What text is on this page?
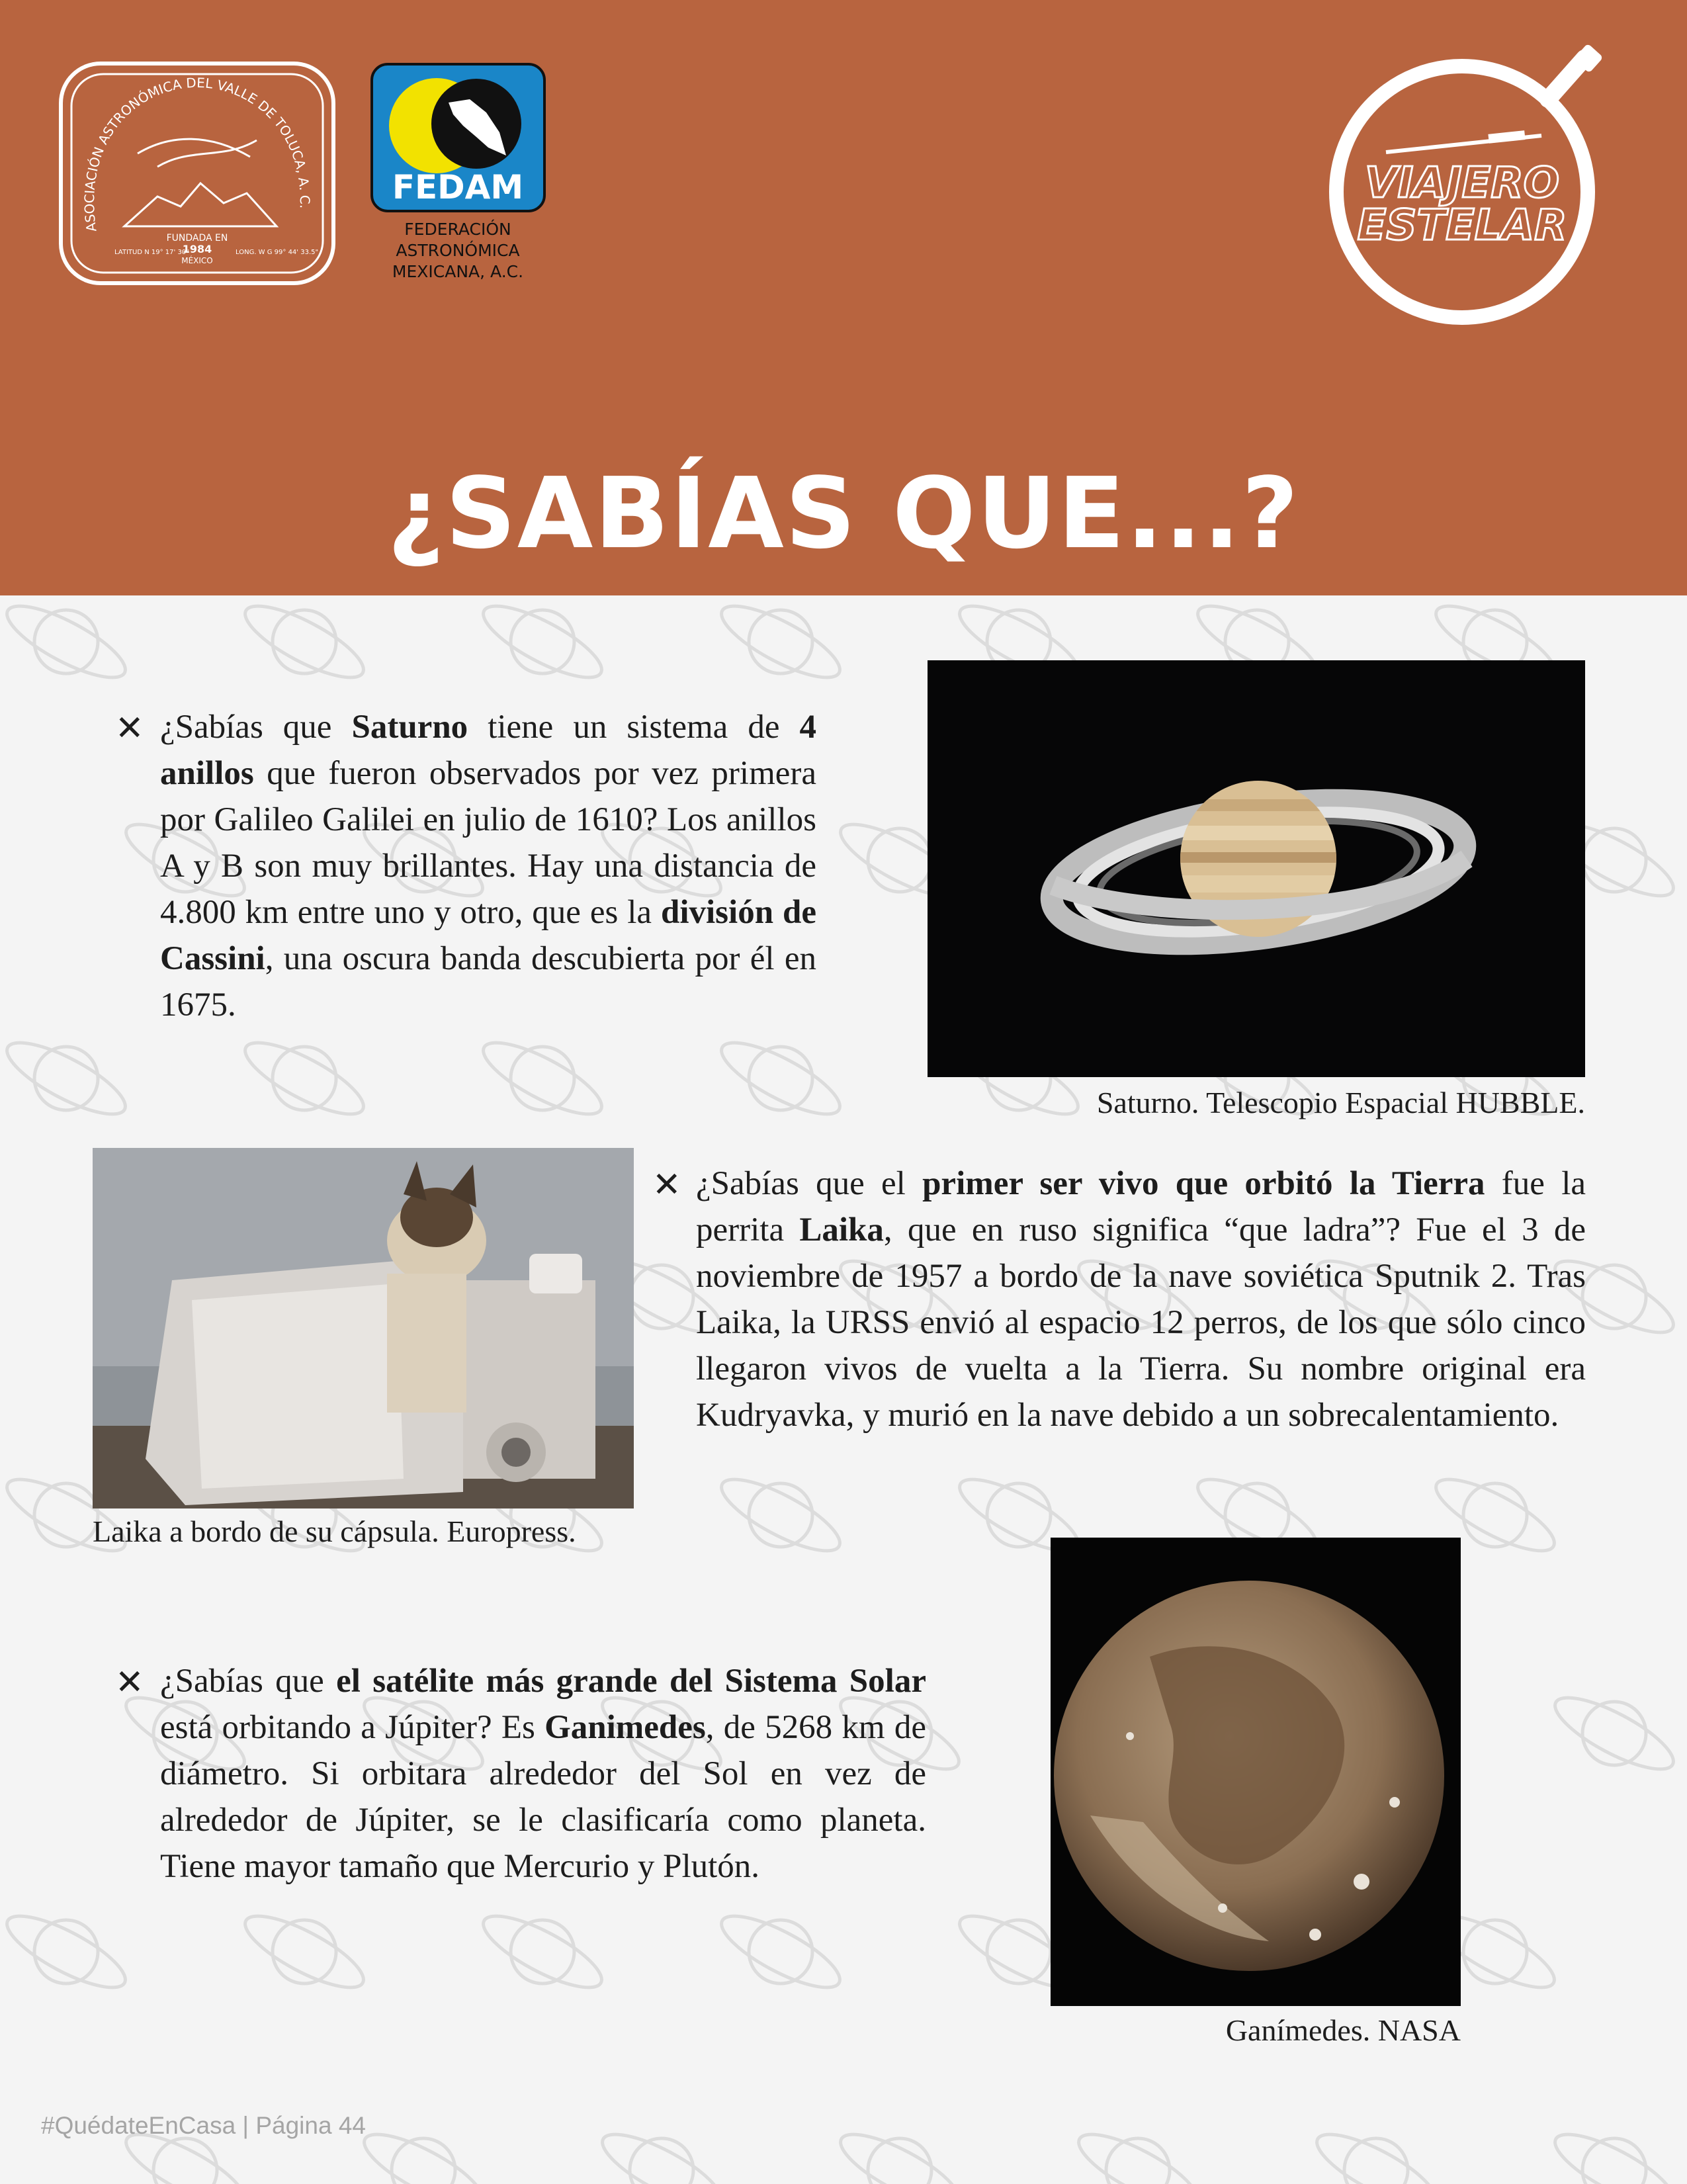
ASOCIACIÓN ASTRONÓMICA DEL VALLE DE TOLUCA, A. C.
FUNDADA EN
1984
MÉXICO
LATITUD N 19° 17' 30"	LONG. W G 99° 44' 33.5"
FEDAM
FEDERACIÓN
ASTRONÓMICA
MEXICANA, A.C.
VIAJERO
ESTELAR
¿SABÍAS QUE...?
✕ ¿Sabías que Saturno tiene un sistema de 4 anillos que fueron observados por vez primera por Galileo Galilei en julio de 1610? Los anillos A y B son muy brillantes. Hay una distancia de 4.800 km entre uno y otro, que es la división de Cassini, una oscura banda descubierta por él en 1675.

Saturno. Telescopio Espacial HUBBLE.
Laika a bordo de su cápsula. Europress.
✕ ¿Sabías que el primer ser vivo que orbitó la Tierra fue la perrita Laika, que en ruso significa “que ladra”? Fue el 3 de noviembre de 1957 a bordo de la nave soviética Sputnik 2. Tras Laika, la URSS envió al espacio 12 perros, de los que sólo cinco llegaron vivos de vuelta a la Tierra. Su nombre original era Kudryavka, y murió en la nave debido a un sobrecalentamiento.

✕ ¿Sabías que el satélite más grande del Sistema Solar está orbitando a Júpiter? Es Ganimedes, de 5268 km de diámetro. Si orbitara alrededor del Sol en vez de alrededor de Júpiter, se le clasificaría como planeta. Tiene mayor tamaño que Mercurio y Plutón.

Ganímedes. NASA
#QuédateEnCasa | Página 44
